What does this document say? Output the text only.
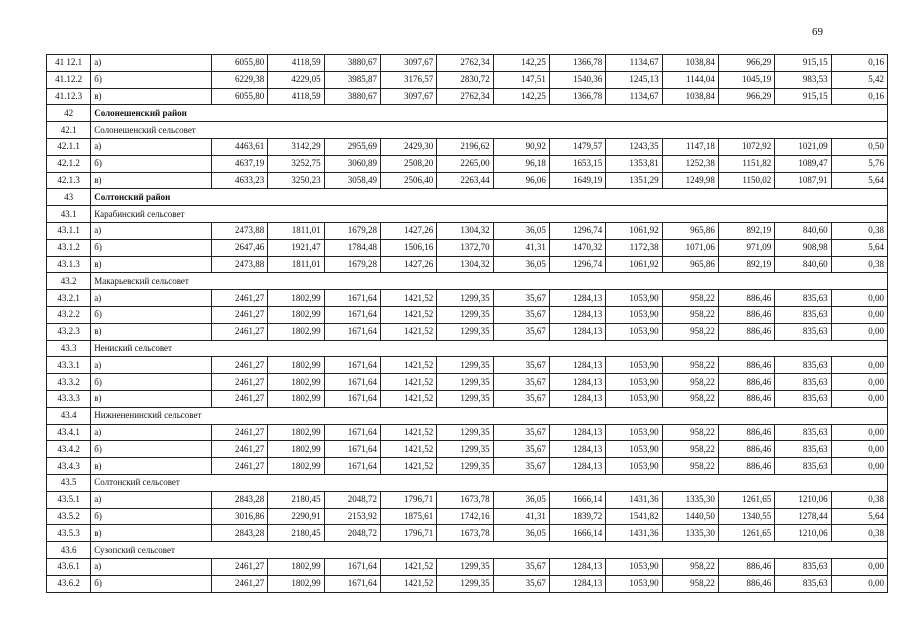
69
41 12.1	а)	6055,80	4118,59	3880,67	3097,67	2762,34	142,25	1366,78	1134,67	1038,84	966,29	915,15	0,16
41.12.2	б)	6229,38	4229,05	3985,87	3176,57	2830,72	147,51	1540,36	1245,13	1144,04	1045,19	983,53	5,42
41.12.3	в)	6055,80	4118,59	3880,67	3097,67	2762,34	142,25	1366,78	1134,67	1038,84	966,29	915,15	0,16
42	Солонешенский район												
42.1	Солонешенский сельсовет												
42.1.1	а)	4463,61	3142,29	2955,69	2429,30	2196,62	90,92	1479,57	1243,35	1147,18	1072,92	1021,09	0,50
42.1.2	б)	4637,19	3252,75	3060,89	2508,20	2265,00	96,18	1653,15	1353,81	1252,38	1151,82	1089,47	5,76
42.1.3	в)	4633,23	3250,23	3058,49	2506,40	2263,44	96,06	1649,19	1351,29	1249,98	1150,02	1087,91	5,64
43	Солтонский район												
43.1	Карабинский сельсовет												
43.1.1	а)	2473,88	1811,01	1679,28	1427,26	1304,32	36,05	1296,74	1061,92	965,86	892,19	840,60	0,38
43.1.2	б)	2647,46	1921,47	1784,48	1506,16	1372,70	41,31	1470,32	1172,38	1071,06	971,09	908,98	5,64
43.1.3	в)	2473,88	1811,01	1679,28	1427,26	1304,32	36,05	1296,74	1061,92	965,86	892,19	840,60	0,38
43.2	Макарьевский сельсовет												
43.2.1	а)	2461,27	1802,99	1671,64	1421,52	1299,35	35,67	1284,13	1053,90	958,22	886,46	835,63	0,00
43.2.2	б)	2461,27	1802,99	1671,64	1421,52	1299,35	35,67	1284,13	1053,90	958,22	886,46	835,63	0,00
43.2.3	в)	2461,27	1802,99	1671,64	1421,52	1299,35	35,67	1284,13	1053,90	958,22	886,46	835,63	0,00
43.3	Нениский сельсовет												
43.3.1	а)	2461,27	1802,99	1671,64	1421,52	1299,35	35,67	1284,13	1053,90	958,22	886,46	835,63	0,00
43.3.2	б)	2461,27	1802,99	1671,64	1421,52	1299,35	35,67	1284,13	1053,90	958,22	886,46	835,63	0,00
43.3.3	в)	2461,27	1802,99	1671,64	1421,52	1299,35	35,67	1284,13	1053,90	958,22	886,46	835,63	0,00
43.4	Нижнененинский сельсовет												
43.4.1	а)	2461,27	1802,99	1671,64	1421,52	1299,35	35,67	1284,13	1053,90	958,22	886,46	835,63	0,00
43.4.2	б)	2461,27	1802,99	1671,64	1421,52	1299,35	35,67	1284,13	1053,90	958,22	886,46	835,63	0,00
43.4.3	в)	2461,27	1802,99	1671,64	1421,52	1299,35	35,67	1284,13	1053,90	958,22	886,46	835,63	0,00
43.5	Солтонский сельсовет												
43.5.1	а)	2843,28	2180,45	2048,72	1796,71	1673,78	36,05	1666,14	1431,36	1335,30	1261,65	1210,06	0,38
43.5.2	б)	3016,86	2290,91	2153,92	1875,61	1742,16	41,31	1839,72	1541,82	1440,50	1340,55	1278,44	5,64
43.5.3	в)	2843,28	2180,45	2048,72	1796,71	1673,78	36,05	1666,14	1431,36	1335,30	1261,65	1210,06	0,38
43.6	Сузопский сельсовет												
43.6.1	а)	2461,27	1802,99	1671,64	1421,52	1299,35	35,67	1284,13	1053,90	958,22	886,46	835,63	0,00
43.6.2	б)	2461,27	1802,99	1671,64	1421,52	1299,35	35,67	1284,13	1053,90	958,22	886,46	835,63	0,00
